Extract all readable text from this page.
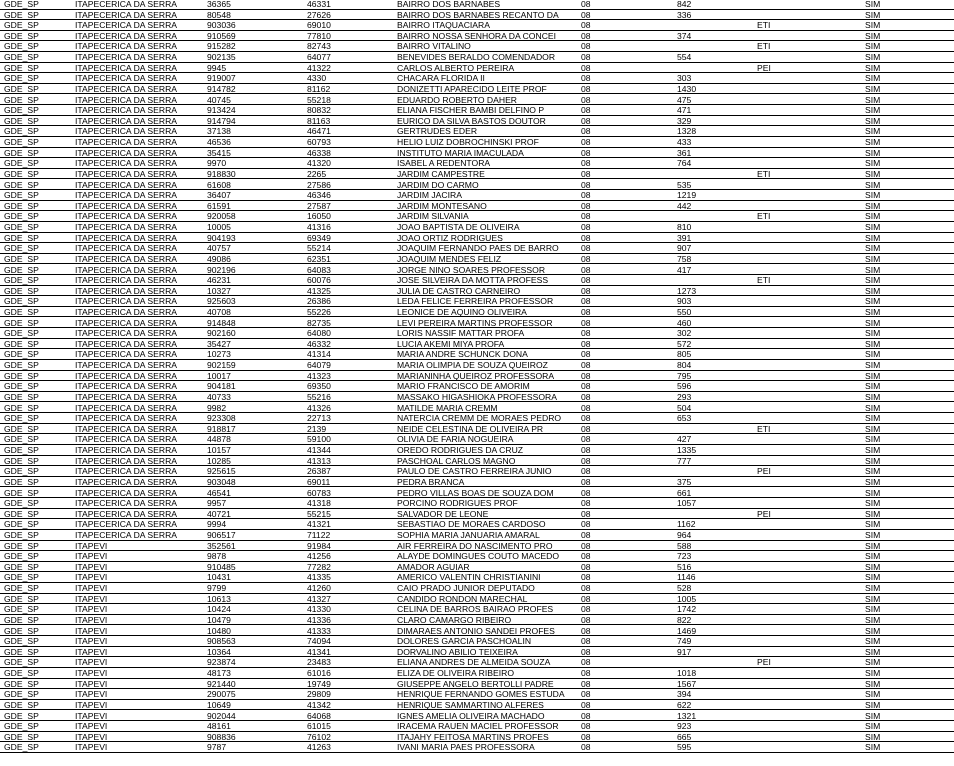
GDE_SP	ITAPECERICA DA SERRA	36365	46331	BAIRRO DOS BARNABES	08	842	SIM
GDE_SP	ITAPECERICA DA SERRA	80548	27626	BAIRRO DOS BARNABES RECANTO DA	08	336	SIM
GDE_SP	ITAPECERICA DA SERRA	903036	69010	BAIRRO ITAQUACIARA	08	ETI	SIM
GDE_SP	ITAPECERICA DA SERRA	910569	77810	BAIRRO NOSSA SENHORA DA CONCEI	08	374	SIM
GDE_SP	ITAPECERICA DA SERRA	915282	82743	BAIRRO VITALINO	08	ETI	SIM
GDE_SP	ITAPECERICA DA SERRA	902135	64077	BENEVIDES BERALDO COMENDADOR	08	554	SIM
GDE_SP	ITAPECERICA DA SERRA	9945	41322	CARLOS ALBERTO PEREIRA	08	PEI	SIM
GDE_SP	ITAPECERICA DA SERRA	919007	4330	CHACARA FLORIDA II	08	303	SIM
GDE_SP	ITAPECERICA DA SERRA	914782	81162	DONIZETTI APARECIDO LEITE PROF	08	1430	SIM
GDE_SP	ITAPECERICA DA SERRA	40745	55218	EDUARDO ROBERTO DAHER	08	475	SIM
GDE_SP	ITAPECERICA DA SERRA	913424	80832	ELIANA FISCHER BAMBI DELFINO P	08	471	SIM
GDE_SP	ITAPECERICA DA SERRA	914794	81163	EURICO DA SILVA BASTOS DOUTOR	08	329	SIM
GDE_SP	ITAPECERICA DA SERRA	37138	46471	GERTRUDES EDER	08	1328	SIM
GDE_SP	ITAPECERICA DA SERRA	46536	60793	HELIO LUIZ DOBROCHINSKI PROF	08	433	SIM
GDE_SP	ITAPECERICA DA SERRA	35415	46338	INSTITUTO MARIA IMACULADA	08	361	SIM
GDE_SP	ITAPECERICA DA SERRA	9970	41320	ISABEL A REDENTORA	08	764	SIM
GDE_SP	ITAPECERICA DA SERRA	918830	2265	JARDIM CAMPESTRE	08	ETI	SIM
GDE_SP	ITAPECERICA DA SERRA	61608	27586	JARDIM DO CARMO	08	535	SIM
GDE_SP	ITAPECERICA DA SERRA	36407	46346	JARDIM JACIRA	08	1219	SIM
GDE_SP	ITAPECERICA DA SERRA	61591	27587	JARDIM MONTESANO	08	442	SIM
GDE_SP	ITAPECERICA DA SERRA	920058	16050	JARDIM SILVANIA	08	ETI	SIM
GDE_SP	ITAPECERICA DA SERRA	10005	41316	JOAO BAPTISTA DE OLIVEIRA	08	810	SIM
GDE_SP	ITAPECERICA DA SERRA	904193	69349	JOAO ORTIZ RODRIGUES	08	391	SIM
GDE_SP	ITAPECERICA DA SERRA	40757	55214	JOAQUIM FERNANDO PAES DE BARRO	08	907	SIM
GDE_SP	ITAPECERICA DA SERRA	49086	62351	JOAQUIM MENDES FELIZ	08	758	SIM
GDE_SP	ITAPECERICA DA SERRA	902196	64083	JORGE NINO SOARES PROFESSOR	08	417	SIM
GDE_SP	ITAPECERICA DA SERRA	46231	60076	JOSE SILVEIRA DA MOTTA PROFESS	08	ETI	SIM
GDE_SP	ITAPECERICA DA SERRA	10327	41325	JULIA DE CASTRO CARNEIRO	08	1273	SIM
GDE_SP	ITAPECERICA DA SERRA	925603	26386	LEDA FELICE FERREIRA PROFESSOR	08	903	SIM
GDE_SP	ITAPECERICA DA SERRA	40708	55226	LEONICE DE AQUINO OLIVEIRA	08	550	SIM
GDE_SP	ITAPECERICA DA SERRA	914848	82735	LEVI PEREIRA MARTINS PROFESSOR	08	460	SIM
GDE_SP	ITAPECERICA DA SERRA	902160	64080	LORIS NASSIF MATTAR PROFA	08	302	SIM
GDE_SP	ITAPECERICA DA SERRA	35427	46332	LUCIA AKEMI MIYA PROFA	08	572	SIM
GDE_SP	ITAPECERICA DA SERRA	10273	41314	MARIA ANDRE SCHUNCK DONA	08	805	SIM
GDE_SP	ITAPECERICA DA SERRA	902159	64079	MARIA OLIMPIA DE SOUZA QUEIROZ	08	804	SIM
GDE_SP	ITAPECERICA DA SERRA	10017	41323	MARIANINHA QUEIROZ PROFESSORA	08	795	SIM
GDE_SP	ITAPECERICA DA SERRA	904181	69350	MARIO FRANCISCO DE AMORIM	08	596	SIM
GDE_SP	ITAPECERICA DA SERRA	40733	55216	MASSAKO HIGASHIOKA PROFESSORA	08	293	SIM
GDE_SP	ITAPECERICA DA SERRA	9982	41326	MATILDE MARIA CREMM	08	504	SIM
GDE_SP	ITAPECERICA DA SERRA	923308	22713	NATERCIA CREMM DE MORAES PEDRO	08	653	SIM
GDE_SP	ITAPECERICA DA SERRA	918817	2139	NEIDE CELESTINA DE OLIVEIRA PR	08	ETI	SIM
GDE_SP	ITAPECERICA DA SERRA	44878	59100	OLIVIA DE FARIA NOGUEIRA	08	427	SIM
GDE_SP	ITAPECERICA DA SERRA	10157	41344	OREDO RODRIGUES DA CRUZ	08	1335	SIM
GDE_SP	ITAPECERICA DA SERRA	10285	41313	PASCHOAL CARLOS MAGNO	08	777	SIM
GDE_SP	ITAPECERICA DA SERRA	925615	26387	PAULO DE CASTRO FERREIRA JUNIO	08	PEI	SIM
GDE_SP	ITAPECERICA DA SERRA	903048	69011	PEDRA BRANCA	08	375	SIM
GDE_SP	ITAPECERICA DA SERRA	46541	60783	PEDRO VILLAS BOAS DE SOUZA DOM	08	661	SIM
GDE_SP	ITAPECERICA DA SERRA	9957	41318	PORCINO RODRIGUES PROF	08	1057	SIM
GDE_SP	ITAPECERICA DA SERRA	40721	55215	SALVADOR DE LEONE	08	PEI	SIM
GDE_SP	ITAPECERICA DA SERRA	9994	41321	SEBASTIAO DE MORAES CARDOSO	08	1162	SIM
GDE_SP	ITAPECERICA DA SERRA	906517	71122	SOPHIA MARIA JANUARIA AMARAL	08	964	SIM
GDE_SP	ITAPEVI	352561	91984	AIR FERREIRA DO NASCIMENTO PRO	08	588	SIM
GDE_SP	ITAPEVI	9878	41256	ALAYDE DOMINGUES COUTO MACEDO	08	723	SIM
GDE_SP	ITAPEVI	910485	77282	AMADOR AGUIAR	08	516	SIM
GDE_SP	ITAPEVI	10431	41335	AMERICO VALENTIN CHRISTIANINI	08	1146	SIM
GDE_SP	ITAPEVI	9799	41260	CAIO PRADO JUNIOR DEPUTADO	08	528	SIM
GDE_SP	ITAPEVI	10613	41327	CANDIDO RONDON MARECHAL	08	1005	SIM
GDE_SP	ITAPEVI	10424	41330	CELINA DE BARROS BAIRAO PROFES	08	1742	SIM
GDE_SP	ITAPEVI	10479	41336	CLARO CAMARGO RIBEIRO	08	822	SIM
GDE_SP	ITAPEVI	10480	41333	DIMARAES ANTONIO SANDEI PROFES	08	1469	SIM
GDE_SP	ITAPEVI	908563	74094	DOLORES GARCIA PASCHOALIN	08	749	SIM
GDE_SP	ITAPEVI	10364	41341	DORVALINO ABILIO TEIXEIRA	08	917	SIM
GDE_SP	ITAPEVI	923874	23483	ELIANA ANDRES DE ALMEIDA SOUZA	08	PEI	SIM
GDE_SP	ITAPEVI	48173	61016	ELIZA DE OLIVEIRA RIBEIRO	08	1018	SIM
GDE_SP	ITAPEVI	921440	19749	GIUSEPPE ANGELO BERTOLLI PADRE	08	1567	SIM
GDE_SP	ITAPEVI	290075	29809	HENRIQUE FERNANDO GOMES ESTUDA	08	394	SIM
GDE_SP	ITAPEVI	10649	41342	HENRIQUE SAMMARTINO ALFERES	08	622	SIM
GDE_SP	ITAPEVI	902044	64068	IGNES AMELIA OLIVEIRA MACHADO	08	1321	SIM
GDE_SP	ITAPEVI	48161	61015	IRACEMA RAUEN MACIEL PROFESSOR	08	923	SIM
GDE_SP	ITAPEVI	908836	76102	ITAJAHY FEITOSA MARTINS PROFES	08	665	SIM
GDE_SP	ITAPEVI	9787	41263	IVANI MARIA PAES PROFESSORA	08	595	SIM
